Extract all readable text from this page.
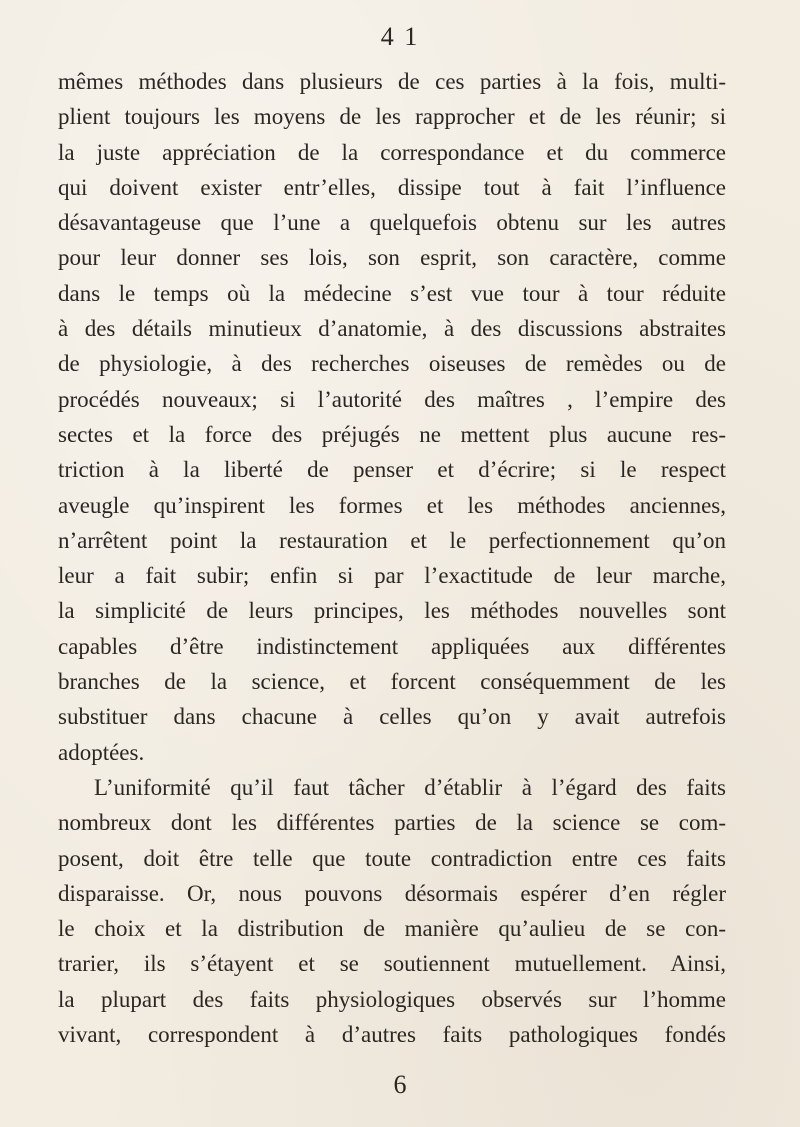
4 1
mêmes méthodes dans plusieurs de ces parties à la fois, multi-
plient toujours les moyens de les rapprocher et de les réunir; si
la juste appréciation de la correspondance et du commerce
qui doivent exister entr’elles, dissipe tout à fait l’influence
désavantageuse que l’une a quelquefois obtenu sur les autres
pour leur donner ses lois, son esprit, son caractère, comme
dans le temps où la médecine s’est vue tour à tour réduite
à des détails minutieux d’anatomie, à des discussions abstraites
de physiologie, à des recherches oiseuses de remèdes ou de
procédés nouveaux; si l’autorité des maîtres , l’empire des
sectes et la force des préjugés ne mettent plus aucune res-
triction à la liberté de penser et d’écrire; si le respect
aveugle qu’inspirent les formes et les méthodes anciennes,
n’arrêtent point la restauration et le perfectionnement qu’on
leur a fait subir; enfin si par l’exactitude de leur marche,
la simplicité de leurs principes, les méthodes nouvelles sont
capables d’être indistinctement appliquées aux différentes
branches de la science, et forcent conséquemment de les
substituer dans chacune à celles qu’on y avait autrefois
adoptées.
L’uniformité qu’il faut tâcher d’établir à l’égard des faits
nombreux dont les différentes parties de la science se com-
posent, doit être telle que toute contradiction entre ces faits
disparaisse. Or, nous pouvons désormais espérer d’en régler
le choix et la distribution de manière qu’aulieu de se con-
trarier, ils s’étayent et se soutiennent mutuellement. Ainsi,
la plupart des faits physiologiques observés sur l’homme
vivant, correspondent à d’autres faits pathologiques fondés
6
